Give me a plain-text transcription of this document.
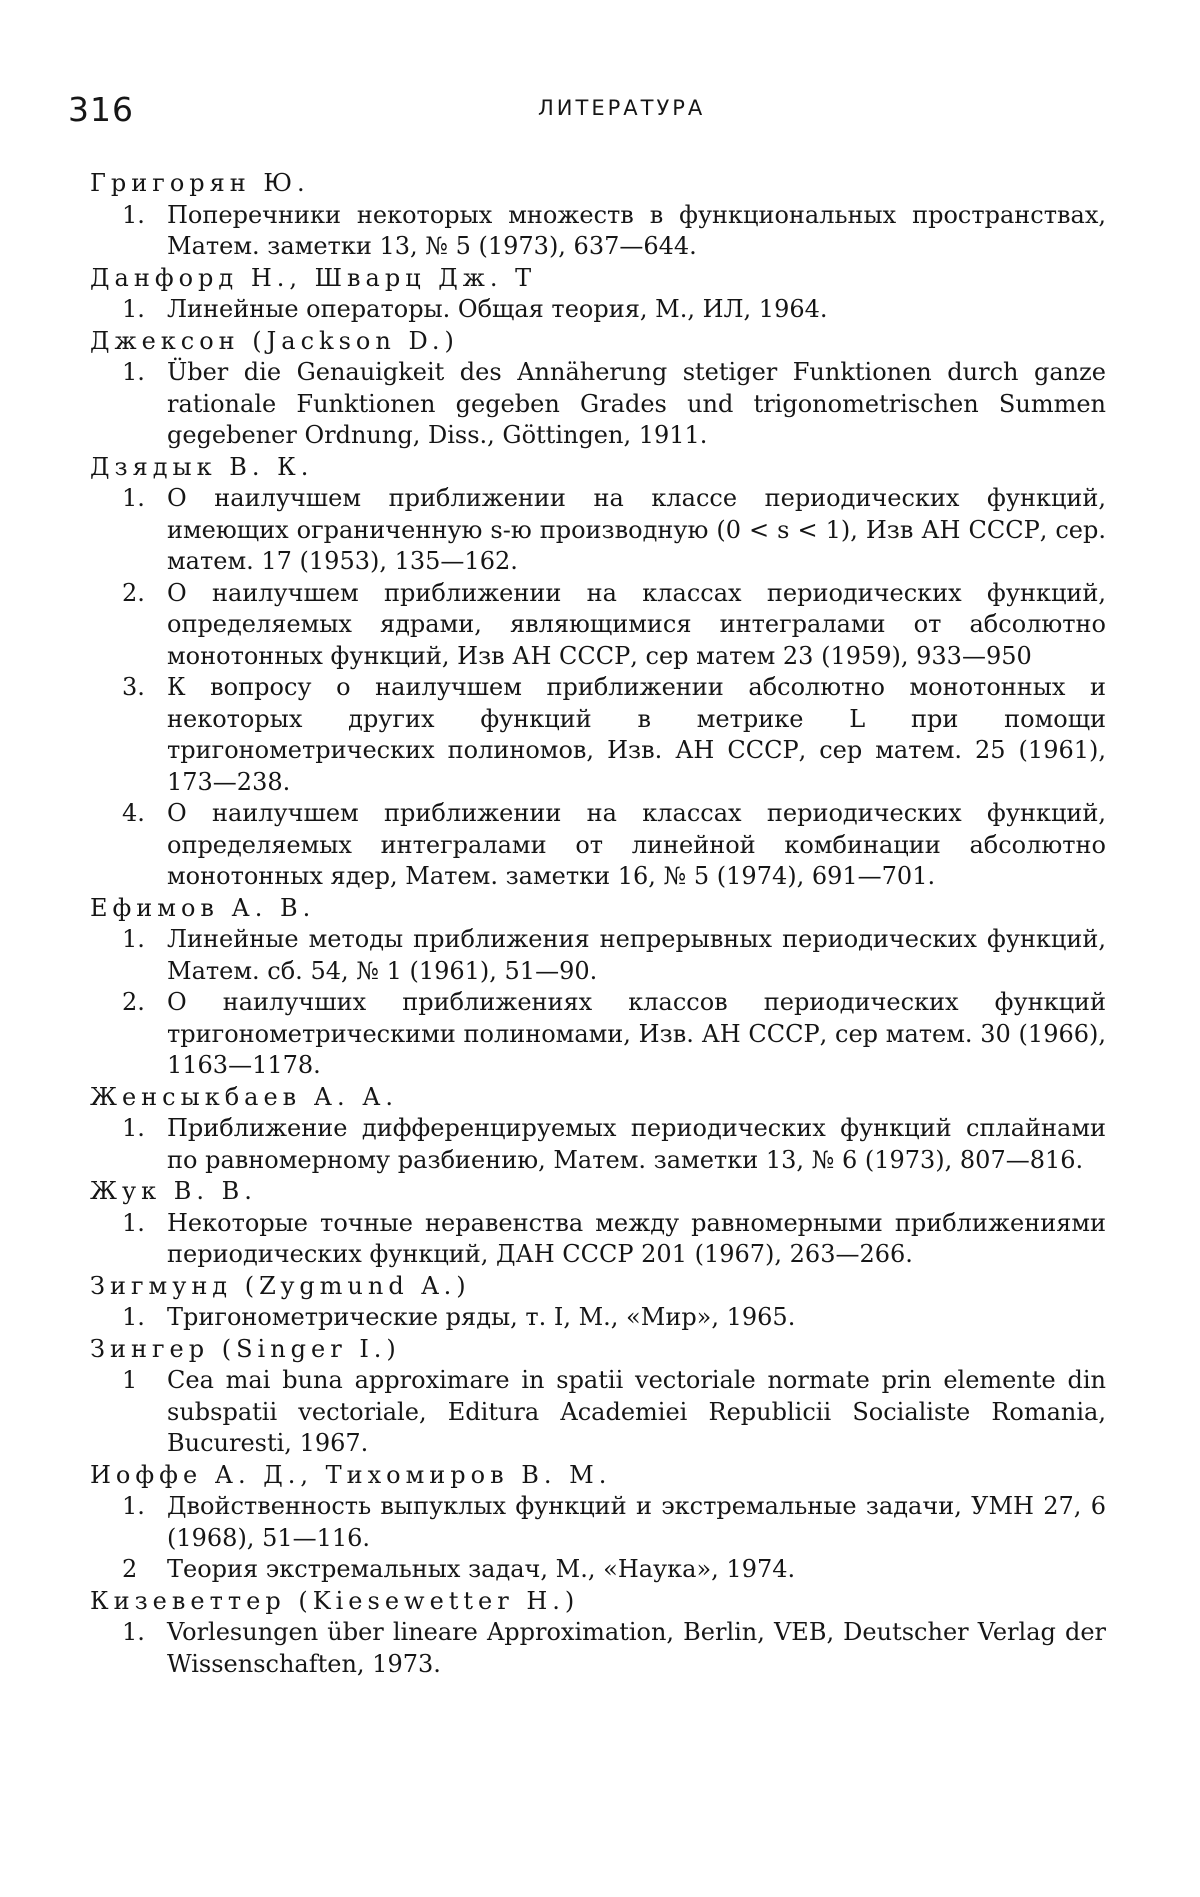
316	ЛИТЕРАТУРА
Григорян Ю.
1. Поперечники некоторых множеств в функциональных пространствах, Матем. заметки 13, № 5 (1973), 637—644.
Данфорд Н., Шварц Дж. Т
1. Линейные операторы. Общая теория, М., ИЛ, 1964.
Джексон (Jackson D.)
1. Über die Genauigkeit des Annäherung stetiger Funktionen durch ganze rationale Funktionen gegeben Grades und trigonometrischen Summen gegebener Ordnung, Diss., Göttingen, 1911.
Дзядык В. К.
1. О наилучшем приближении на классе периодических функций, имеющих ограниченную s-ю производную (0 < s < 1), Изв АН СССР, сер. матем. 17 (1953), 135—162.
2. О наилучшем приближении на классах периодических функций, определяемых ядрами, являющимися интегралами от абсолютно монотонных функций, Изв АН СССР, сер матем 23 (1959), 933—950
3. К вопросу о наилучшем приближении абсолютно монотонных и некоторых других функций в метрике L при помощи тригонометрических полиномов, Изв. АН СССР, сер матем. 25 (1961), 173—238.
4. О наилучшем приближении на классах периодических функций, определяемых интегралами от линейной комбинации абсолютно монотонных ядер, Матем. заметки 16, № 5 (1974), 691—701.
Ефимов А. В.
1. Линейные методы приближения непрерывных периодических функций, Матем. сб. 54, № 1 (1961), 51—90.
2. О наилучших приближениях классов периодических функций тригонометрическими полиномами, Изв. АН СССР, сер матем. 30 (1966), 1163—1178.
Женсыкбаев А. А.
1. Приближение дифференцируемых периодических функций сплайнами по равномерному разбиению, Матем. заметки 13, № 6 (1973), 807—816.
Жук В. В.
1. Некоторые точные неравенства между равномерными приближениями периодических функций, ДАН СССР 201 (1967), 263—266.
Зигмунд (Zygmund A.)
1. Тригонометрические ряды, т. I, М., «Мир», 1965.
Зингер (Singer I.)
1 Cea mai buna approximare in spatii vectoriale normate prin elemente din subspatii vectoriale, Editura Academiei Republicii Socialiste Romania, Bucuresti, 1967.
Иоффе А. Д., Тихомиров В. М.
1. Двойственность выпуклых функций и экстремальные задачи, УМН 27, 6 (1968), 51—116.
2 Теория экстремальных задач, М., «Наука», 1974.
Кизеветтер (Kiesewetter H.)
1. Vorlesungen über lineare Approximation, Berlin, VEB, Deutscher Verlag der Wissenschaften, 1973.
